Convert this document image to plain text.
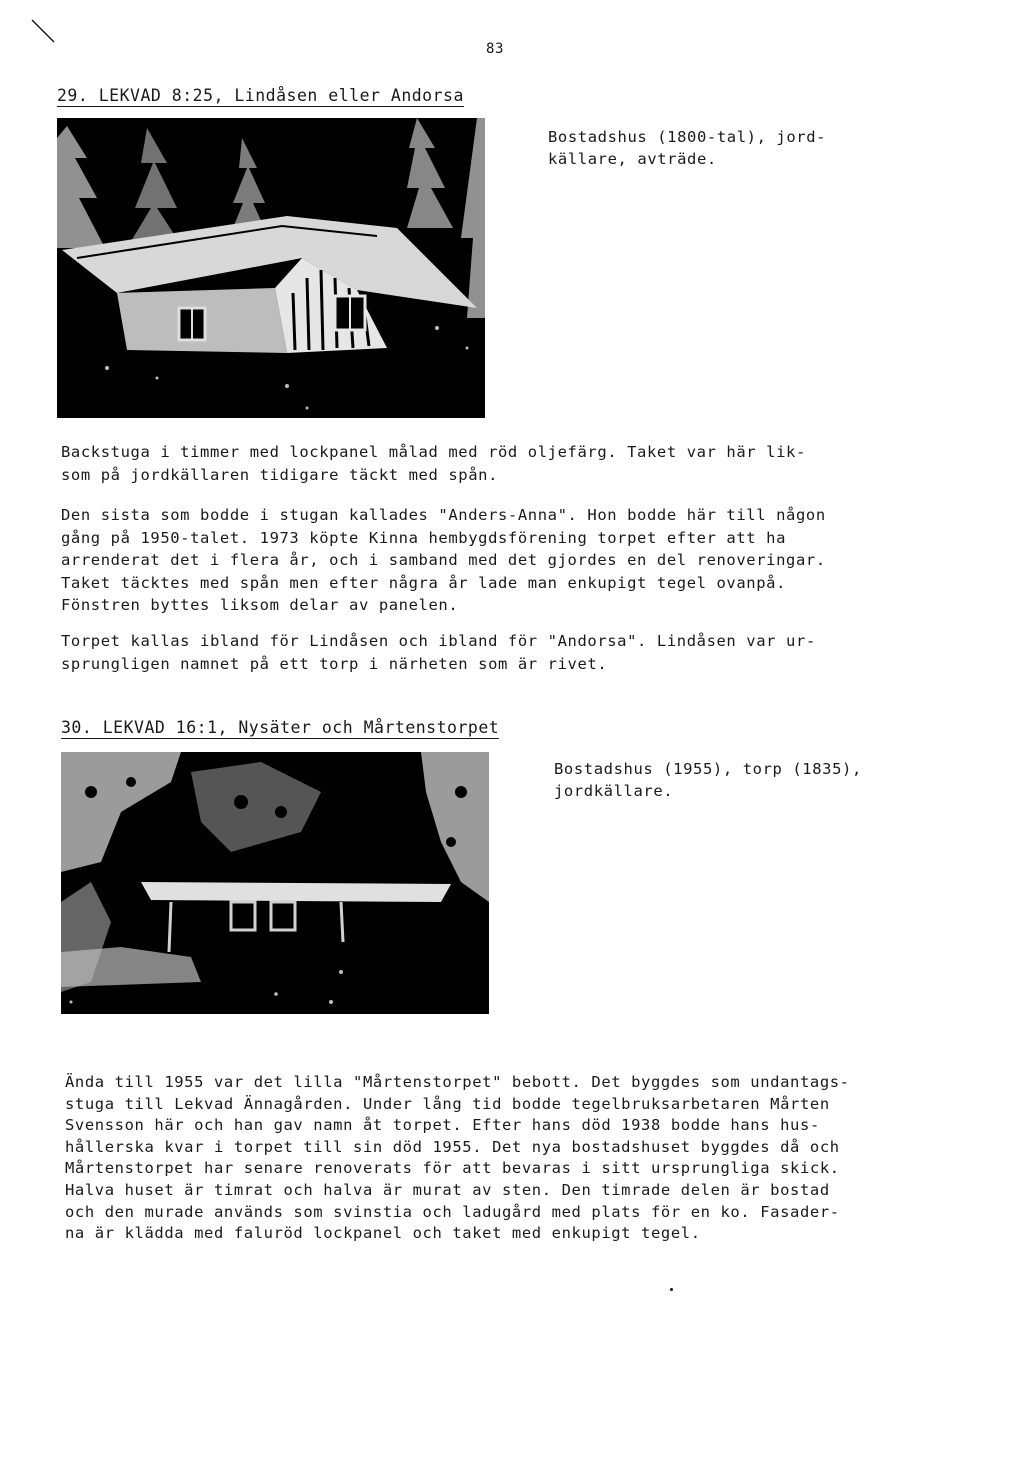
83
29. LEKVAD 8:25, Lindåsen eller Andorsa
Bostadshus (1800-tal), jord-
källare, avträde.
Backstuga i timmer med lockpanel målad med röd oljefärg. Taket var här lik-
som på jordkällaren tidigare täckt med spån.
Den sista som bodde i stugan kallades "Anders-Anna". Hon bodde här till någon
gång på 1950-talet. 1973 köpte Kinna hembygdsförening torpet efter att ha
arrenderat det i flera år, och i samband med det gjordes en del renoveringar.
Taket täcktes med spån men efter några år lade man enkupigt tegel ovanpå.
Fönstren byttes liksom delar av panelen.
Torpet kallas ibland för Lindåsen och ibland för "Andorsa". Lindåsen var ur-
sprungligen namnet på ett torp i närheten som är rivet.
30. LEKVAD 16:1, Nysäter och Mårtenstorpet
Bostadshus (1955), torp (1835),
jordkällare.
Ända till 1955 var det lilla "Mårtenstorpet" bebott. Det byggdes som undantags-
stuga till Lekvad Ännagården. Under lång tid bodde tegelbruksarbetaren Mårten
Svensson här och han gav namn åt torpet. Efter hans död 1938 bodde hans hus-
hållerska kvar i torpet till sin död 1955. Det nya bostadshuset byggdes då och
Mårtenstorpet har senare renoverats för att bevaras i sitt ursprungliga skick.
Halva huset är timrat och halva är murat av sten. Den timrade delen är bostad
och den murade används som svinstia och ladugård med plats för en ko. Fasader-
na är klädda med faluröd lockpanel och taket med enkupigt tegel.
